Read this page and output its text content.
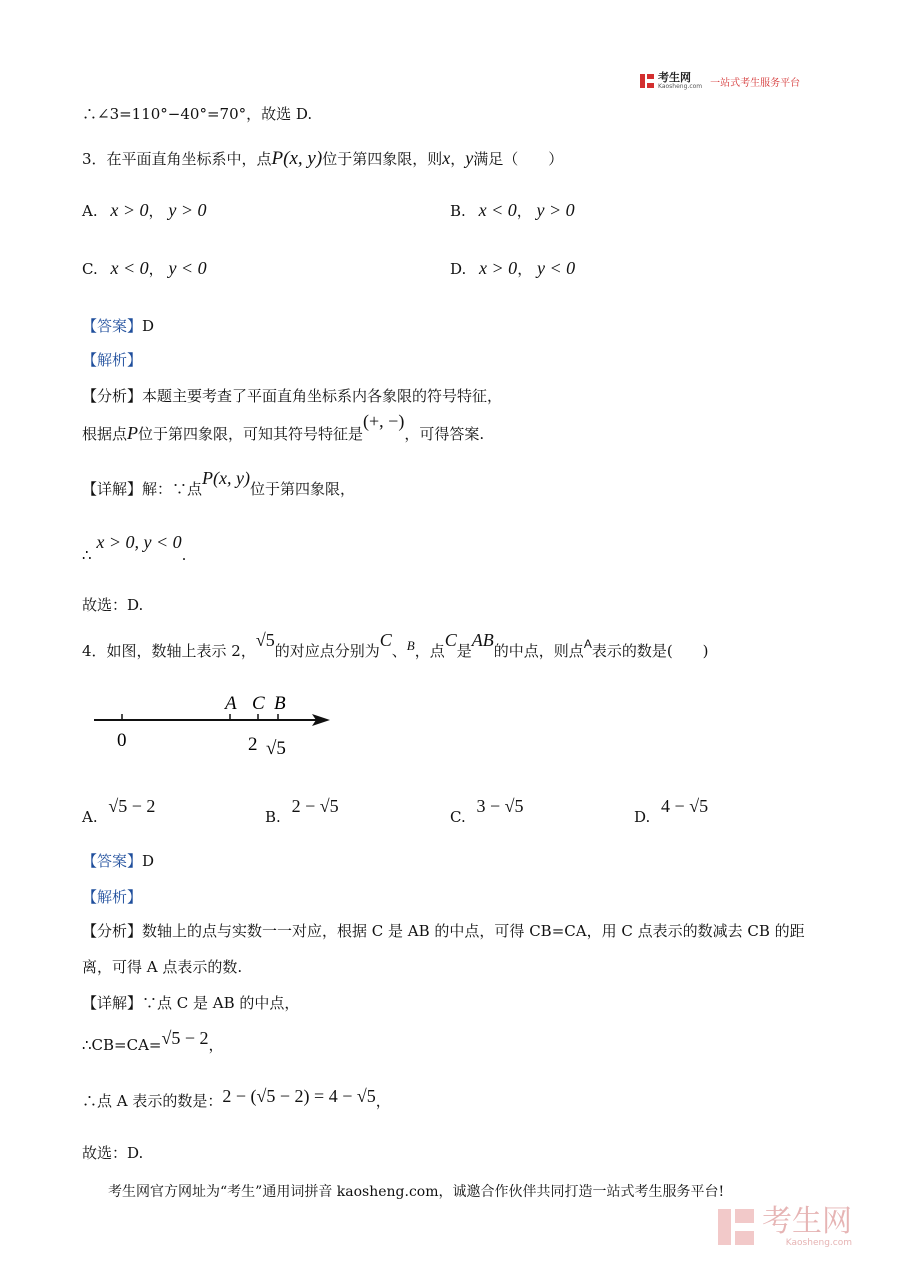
考生网
Kaosheng.com 一站式考生服务平台
∴∠3=110°−40°=70°，故选 D.
3．在平面直角坐标系中，点P(x, y)位于第四象限，则x，y满足（　　）
A. x > 0， y > 0	B. x < 0， y > 0
C. x < 0， y < 0	D. x > 0， y < 0
【答案】D
【解析】
【分析】本题主要考查了平面直角坐标系内各象限的符号特征，
根据点P位于第四象限，可知其符号特征是(+, −)，可得答案.
【详解】解：∵点P(x, y)位于第四象限，
∴ x > 0, y < 0.
故选：D.
4．如图，数轴上表示 2，√5的对应点分别为C、B，点C是AB的中点，则点$^A$表示的数是(　　)
A C B
0	2 √5
A. √5 − 2
B. 2 − √5
C. 3 − √5
D. 4 − √5
【答案】D
【解析】
【分析】数轴上的点与实数一一对应，根据 C 是 AB 的中点，可得 CB=CA，用 C 点表示的数减去 CB 的距
离，可得 A 点表示的数.
【详解】∵点 C 是 AB 的中点，
∴CB=CA=√5 − 2，
∴点 A 表示的数是：2 − (√5 − 2) = 4 − √5，
故选：D.
考生网官方网址为“考生”通用词拼音 kaosheng.com，诚邀合作伙伴共同打造一站式考生服务平台!
考生网
Kaosheng.com
